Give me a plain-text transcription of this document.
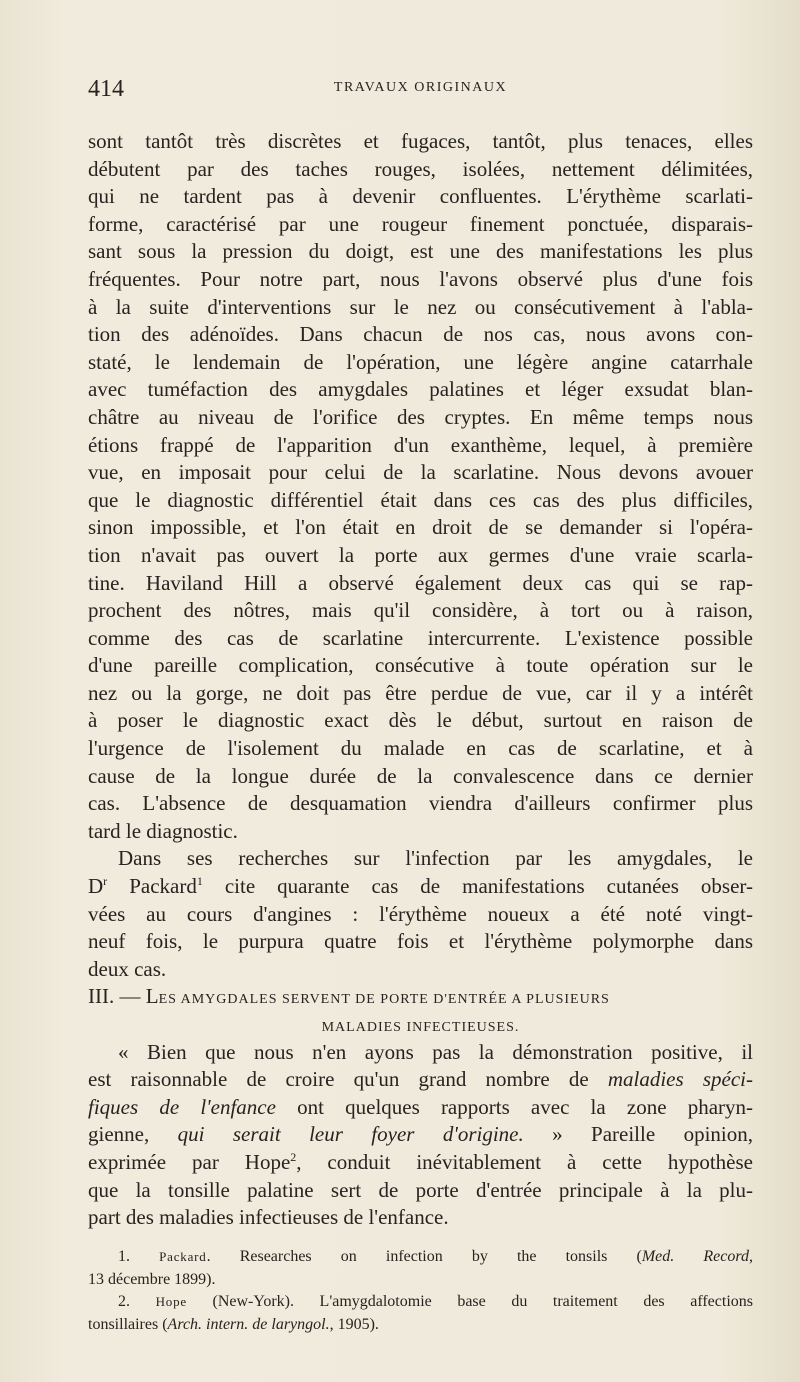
414	TRAVAUX ORIGINAUX
sont tantôt très discrètes et fugaces, tantôt, plus tenaces, elles
débutent par des taches rouges, isolées, nettement délimitées,
qui ne tardent pas à devenir confluentes. L'érythème scarlati-
forme, caractérisé par une rougeur finement ponctuée, disparais-
sant sous la pression du doigt, est une des manifestations les plus
fréquentes. Pour notre part, nous l'avons observé plus d'une fois
à la suite d'interventions sur le nez ou consécutivement à l'abla-
tion des adénoïdes. Dans chacun de nos cas, nous avons con-
staté, le lendemain de l'opération, une légère angine catarrhale
avec tuméfaction des amygdales palatines et léger exsudat blan-
châtre au niveau de l'orifice des cryptes. En même temps nous
étions frappé de l'apparition d'un exanthème, lequel, à première
vue, en imposait pour celui de la scarlatine. Nous devons avouer
que le diagnostic différentiel était dans ces cas des plus difficiles,
sinon impossible, et l'on était en droit de se demander si l'opéra-
tion n'avait pas ouvert la porte aux germes d'une vraie scarla-
tine. Haviland Hill a observé également deux cas qui se rap-
prochent des nôtres, mais qu'il considère, à tort ou à raison,
comme des cas de scarlatine intercurrente. L'existence possible
d'une pareille complication, consécutive à toute opération sur le
nez ou la gorge, ne doit pas être perdue de vue, car il y a intérêt
à poser le diagnostic exact dès le début, surtout en raison de
l'urgence de l'isolement du malade en cas de scarlatine, et à
cause de la longue durée de la convalescence dans ce dernier
cas. L'absence de desquamation viendra d'ailleurs confirmer plus
tard le diagnostic.
Dans ses recherches sur l'infection par les amygdales, le
$D^r$ Packard$^1$ cite quarante cas de manifestations cutanées obser-
vées au cours d'angines : l'érythème noueux a été noté vingt-
neuf fois, le purpura quatre fois et l'érythème polymorphe dans
deux cas.
III. — LES AMYGDALES SERVENT DE PORTE D'ENTRÉE A PLUSIEURS
MALADIES INFECTIEUSES.
« Bien que nous n'en ayons pas la démonstration positive, il
est raisonnable de croire qu'un grand nombre de maladies spéci-
fiques de l'enfance ont quelques rapports avec la zone pharyn-
gienne, qui serait leur foyer d'origine. » Pareille opinion,
exprimée par Hope$^2$, conduit inévitablement à cette hypothèse
que la tonsille palatine sert de porte d'entrée principale à la plu-
part des maladies infectieuses de l'enfance.
1. Packard. Researches on infection by the tonsils (Med. Record,
13 décembre 1899).
2. Hope (New-York). L'amygdalotomie base du traitement des affections
tonsillaires (Arch. intern. de laryngol., 1905).
